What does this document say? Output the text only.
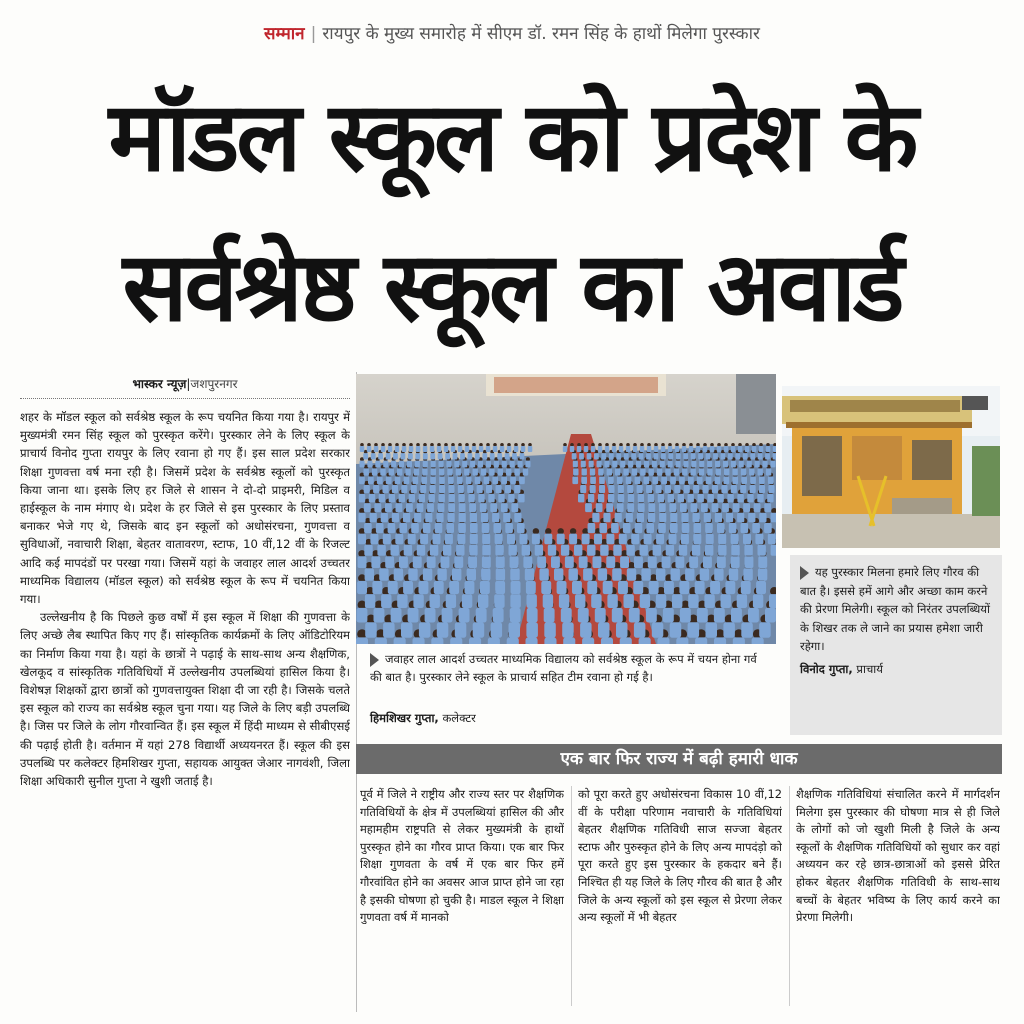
सम्मान | रायपुर के मुख्य समारोह में सीएम डॉ. रमन सिंह के हाथों मिलेगा पुरस्कार
मॉडल स्कूल को प्रदेश के
सर्वश्रेष्ठ स्कूल का अवार्ड
भास्कर न्यूज़|जशपुरनगर

शहर के मॉडल स्कूल को सर्वश्रेष्ठ स्कूल के रूप चयनित किया गया है। रायपुर में मुख्यमंत्री रमन सिंह स्कूल को पुरस्कृत करेंगे। पुरस्कार लेने के लिए स्कूल के प्राचार्य विनोद गुप्ता रायपुर के लिए रवाना हो गए हैं। इस साल प्रदेश सरकार शिक्षा गुणवत्ता वर्ष मना रही है। जिसमें प्रदेश के सर्वश्रेष्ठ स्कूलों को पुरस्कृत किया जाना था। इसके लिए हर जिले से शासन ने दो-दो प्राइमरी, मिडिल व हाईस्कूल के नाम मंगाए थे। प्रदेश के हर जिले से इस पुरस्कार के लिए प्रस्ताव बनाकर भेजे गए थे, जिसके बाद इन स्कूलों को अधोसंरचना, गुणवत्ता व सुविधाओं, नवाचारी शिक्षा, बेहतर वातावरण, स्टाफ, 10 वीं,12 वीं के रिजल्ट आदि कई मापदंडों पर परखा गया। जिसमें यहां के जवाहर लाल आदर्श उच्चतर माध्यमिक विद्यालय (मॉडल स्कूल) को सर्वश्रेष्ठ स्कूल के रूप में चयनित किया गया।

उल्लेखनीय है कि पिछले कुछ वर्षों में इस स्कूल में शिक्षा की गुणवत्ता के लिए अच्छे लैब स्थापित किए गए हैं। सांस्कृतिक कार्यक्रमों के लिए ऑडिटोरियम का निर्माण किया गया है। यहां के छात्रों ने पढ़ाई के साथ-साथ अन्य शैक्षणिक, खेलकूद व सांस्कृतिक गतिविधियों में उल्लेखनीय उपलब्धियां हासिल किया है। विशेषज्ञ शिक्षकों द्वारा छात्रों को गुणवत्तायुक्त शिक्षा दी जा रही है। जिसके चलते इस स्कूल को राज्य का सर्वश्रेष्ठ स्कूल चुना गया। यह जिले के लिए बड़ी उपलब्धि है। जिस पर जिले के लोग गौरवान्वित हैं। इस स्कूल में हिंदी माध्यम से सीबीएसई की पढ़ाई होती है। वर्तमान में यहां 278 विद्यार्थी अध्ययनरत हैं। स्कूल की इस उपलब्धि पर कलेक्टर हिमशिखर गुप्ता, सहायक आयुक्त जेआर नागवंशी, जिला शिक्षा अधिकारी सुनील गुप्ता ने खुशी जताई है।

जवाहर लाल आदर्श उच्चतर माध्यमिक विद्यालय को सर्वश्रेष्ठ स्कूल के रूप में चयन होना गर्व की बात है। पुरस्कार लेने स्कूल के प्राचार्य सहित टीम रवाना हो गई है।
हिमशिखर गुप्ता, कलेक्टर
यह पुरस्कार मिलना हमारे लिए गौरव की बात है। इससे हमें आगे और अच्छा काम करने की प्रेरणा मिलेगी। स्कूल को निरंतर उपलब्धियों के शिखर तक ले जाने का प्रयास हमेशा जारी रहेगा।
विनोद गुप्ता, प्राचार्य
एक बार फिर राज्य में बढ़ी हमारी धाक
पूर्व में जिले ने राष्ट्रीय और राज्य स्तर पर शैक्षणिक गतिविधियों के क्षेत्र में उपलब्धियां हासिल की और महामहीम राष्ट्रपति से लेकर मुख्यमंत्री के हाथों पुरस्कृत होने का गौरव प्राप्त किया। एक बार फिर शिक्षा गुणवता के वर्ष में एक बार फिर हमें गौरवांवित होने का अवसर आज प्राप्त होने जा रहा है इसकी घोषणा हो चुकी है। माडल स्कूल ने शिक्षा गुणवता वर्ष में मानको
को पूरा करते हुए अधोसंरचना विकास 10 वीं,12 वीं के परीक्षा परिणाम नवाचारी के गतिविधियां बेहतर शैक्षणिक गतिविधी साज सज्जा बेहतर स्टाफ और पुरुस्कृत होने के लिए अन्य मापदंड़ो को पूरा करते हुए इस पुरस्कार के हकदार बने हैं। निश्चित ही यह जिले के लिए गौरव की बात है और जिले के अन्य स्कूलों को इस स्कूल से प्रेरणा लेकर अन्य स्कूलों में भी बेहतर
शैक्षणिक गतिविधियां संचालित करने में मार्गदर्शन मिलेगा इस पुरस्कार की घोषणा मात्र से ही जिले के लोगों को जो खुशी मिली है जिले के अन्य स्कूलों के शैक्षणिक गतिविधियों को सुधार कर वहां अध्ययन कर रहे छात्र-छात्राओं को इससे प्रेरित होकर बेहतर शैक्षणिक गतिविधी के साथ-साथ बच्चों के बेहतर भविष्य के लिए कार्य करने का प्रेरणा मिलेगी।
